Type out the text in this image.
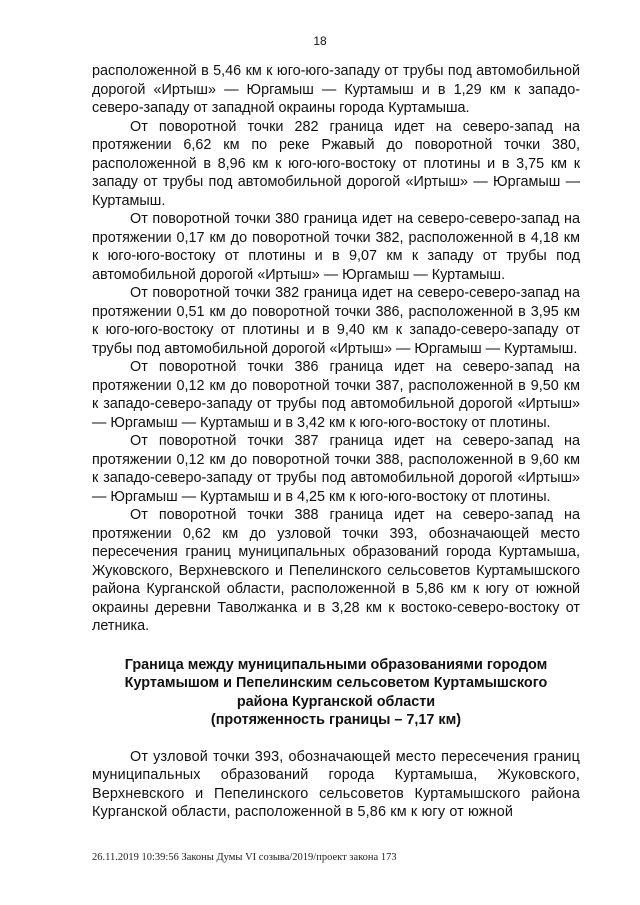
18

расположенной в 5,46 км к юго-юго-западу от трубы под автомобильной дорогой «Иртыш» — Юргамыш — Куртамыш и в 1,29 км к западо-северо-западу от западной окраины города Куртамыша.

От поворотной точки 282 граница идет на северо-запад на протяжении 6,62 км по реке Ржавый до поворотной точки 380, расположенной в 8,96 км к юго-юго-востоку от плотины и в 3,75 км к западу от трубы под автомобильной дорогой «Иртыш» — Юргамыш — Куртамыш.

От поворотной точки 380 граница идет на северо-северо-запад на протяжении 0,17 км до поворотной точки 382, расположенной в 4,18 км к юго-юго-востоку от плотины и в 9,07 км к западу от трубы под автомобильной дорогой «Иртыш» — Юргамыш — Куртамыш.

От поворотной точки 382 граница идет на северо-северо-запад на протяжении 0,51 км до поворотной точки 386, расположенной в 3,95 км к юго-юго-востоку от плотины и в 9,40 км к западо-северо-западу от трубы под автомобильной дорогой «Иртыш» — Юргамыш — Куртамыш.

От поворотной точки 386 граница идет на северо-запад на протяжении 0,12 км до поворотной точки 387, расположенной в 9,50 км к западо-северо-западу от трубы под автомобильной дорогой «Иртыш» — Юргамыш — Куртамыш и в 3,42 км к юго-юго-востоку от плотины.

От поворотной точки 387 граница идет на северо-запад на протяжении 0,12 км до поворотной точки 388, расположенной в 9,60 км к западо-северо-западу от трубы под автомобильной дорогой «Иртыш» — Юргамыш — Куртамыш и в 4,25 км к юго-юго-востоку от плотины.

От поворотной точки 388 граница идет на северо-запад на протяжении 0,62 км до узловой точки 393, обозначающей место пересечения границ муниципальных образований города Куртамыша, Жуковского, Верхневского и Пепелинского сельсоветов Куртамышского района Курганской области, расположенной в 5,86 км к югу от южной окраины деревни Таволжанка и в 3,28 км к востоко-северо-востоку от летника.

Граница между муниципальными образованиями городом
Куртамышом и Пепелинским сельсоветом Куртамышского
района Курганской области
(протяженность границы – 7,17 км)

От узловой точки 393, обозначающей место пересечения границ муниципальных образований города Куртамыша, Жуковского, Верхневского и Пепелинского сельсоветов Куртамышского района Курганской области, расположенной в 5,86 км к югу от южной

26.11.2019 10:39:56 Законы Думы VI созыва/2019/проект закона 173
